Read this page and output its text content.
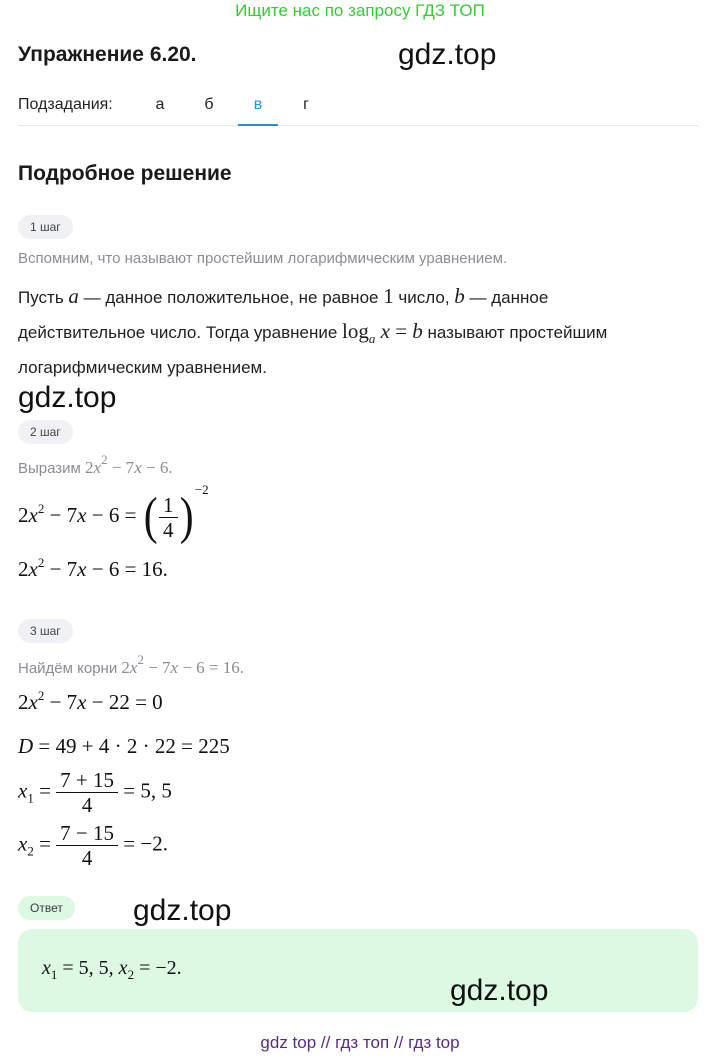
Ищите нас по запросу ГДЗ ТОП
Упражнение 6.20.	gdz.top
Подзадания:	а	б	в	г
Подробное решение
1 шаг
Вспомним, что называют простейшим логарифмическим уравнением.
Пусть a — данное положительное, не равное 1 число, b — данное
действительное число. Тогда уравнение $\log_a x = b$ называют простейшим
логарифмическим уравнением.
gdz.top
2 шаг
Выразим $2x^2 - 7x - 6$.
$2x^2 - 7x - 6$ = ( $\frac{1}{4}$ ) $^{-2}$
$2x^2 - 7x - 6 = 16$.
3 шаг
Найдём корни $2x^2 - 7x - 6 = 16$.
$2x^2 - 7x - 22 = 0$
D = 49 + 4 · 2 · 22 = 225
$x_1 = \frac{7 + 15}{4} = 5$, 5
$x_2 = \frac{7 - 15}{4} = -2$.
Ответ	gdz.top
$x_1 = 5$, 5, $x_2 = -2$.
gdz.top
gdz top // гдз топ // гдз top
